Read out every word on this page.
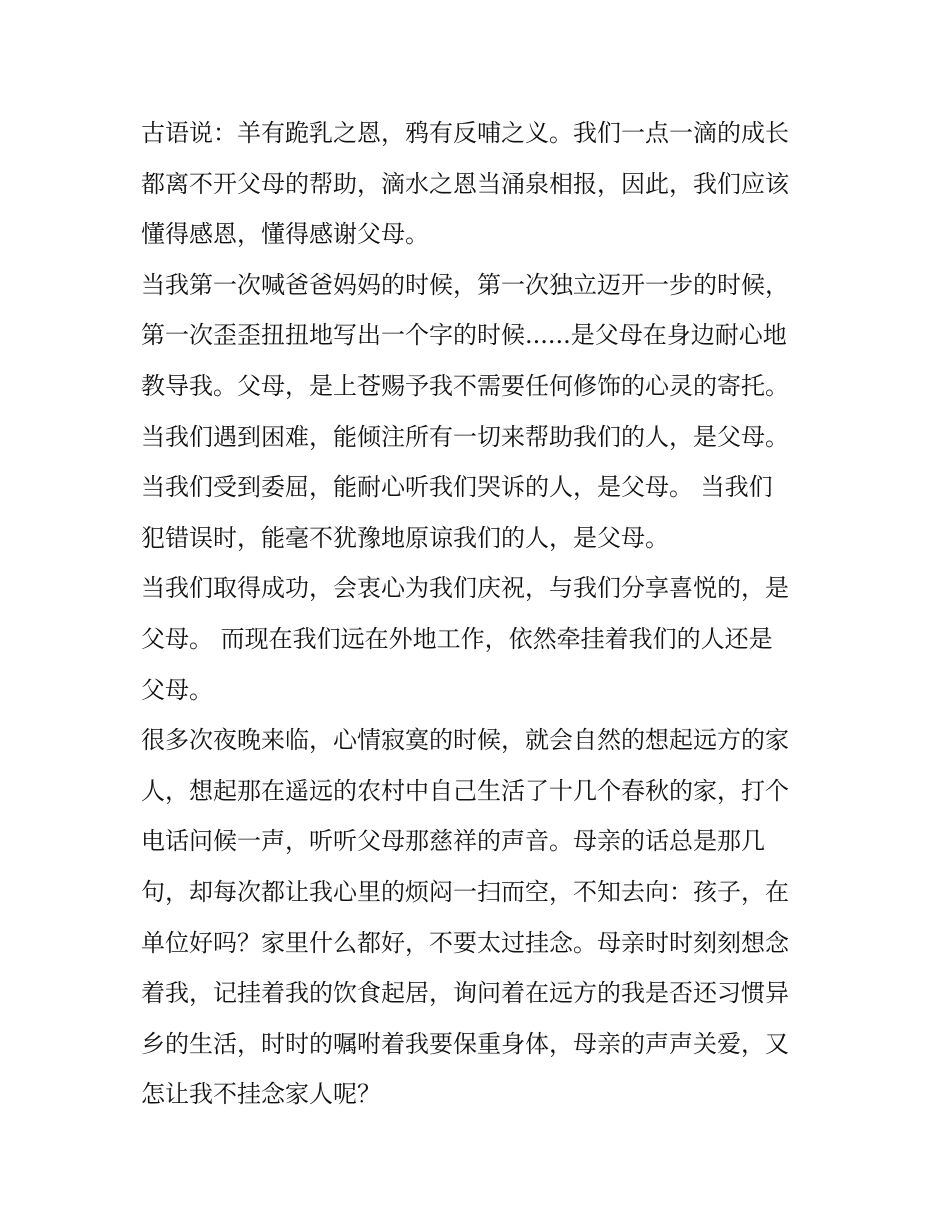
古语说：羊有跪乳之恩，鸦有反哺之义。我们一点一滴的成长
都离不开父母的帮助，滴水之恩当涌泉相报，因此，我们应该
懂得感恩，懂得感谢父母。
当我第一次喊爸爸妈妈的时候，第一次独立迈开一步的时候，
第一次歪歪扭扭地写出一个字的时候......是父母在身边耐心地
教导我。父母，是上苍赐予我不需要任何修饰的心灵的寄托。
当我们遇到困难，能倾注所有一切来帮助我们的人，是父母。
当我们受到委屈，能耐心听我们哭诉的人，是父母。 当我们
犯错误时，能毫不犹豫地原谅我们的人，是父母。
当我们取得成功，会衷心为我们庆祝，与我们分享喜悦的，是
父母。 而现在我们远在外地工作，依然牵挂着我们的人还是
父母。
很多次夜晚来临，心情寂寞的时候，就会自然的想起远方的家
人，想起那在遥远的农村中自己生活了十几个春秋的家，打个
电话问候一声，听听父母那慈祥的声音。母亲的话总是那几
句，却每次都让我心里的烦闷一扫而空，不知去向：孩子，在
单位好吗？家里什么都好，不要太过挂念。母亲时时刻刻想念
着我，记挂着我的饮食起居，询问着在远方的我是否还习惯异
乡的生活，时时的嘱咐着我要保重身体，母亲的声声关爱，又
怎让我不挂念家人呢？
